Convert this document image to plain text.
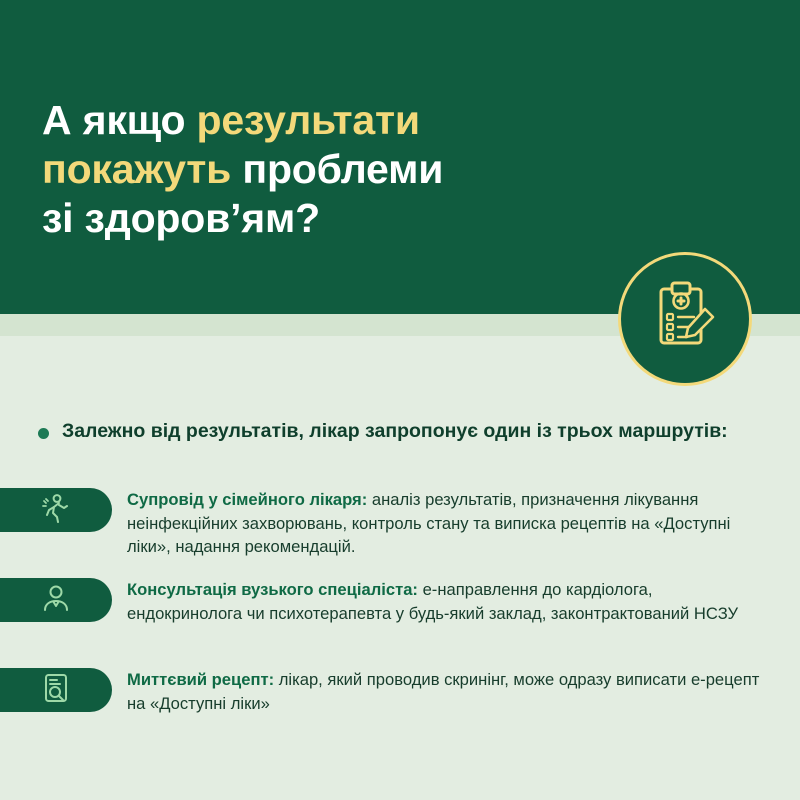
А якщо результати
покажуть проблеми
зі здоров’ям?
Залежно від результатів, лікар запропонує один із трьох маршрутів:
Супровід у сімейного лікаря: аналіз результатів, призначення лікування неінфекційних захворювань, контроль стану та виписка рецептів на «Доступні ліки», надання рекомендацій.
Консультація вузького спеціаліста: е-направлення до кардіолога, ендокринолога чи психотерапевта у будь-який заклад, законтрактований НСЗУ
Миттєвий рецепт: лікар, який проводив скринінг, може одразу виписати е-рецепт на «Доступні ліки»
